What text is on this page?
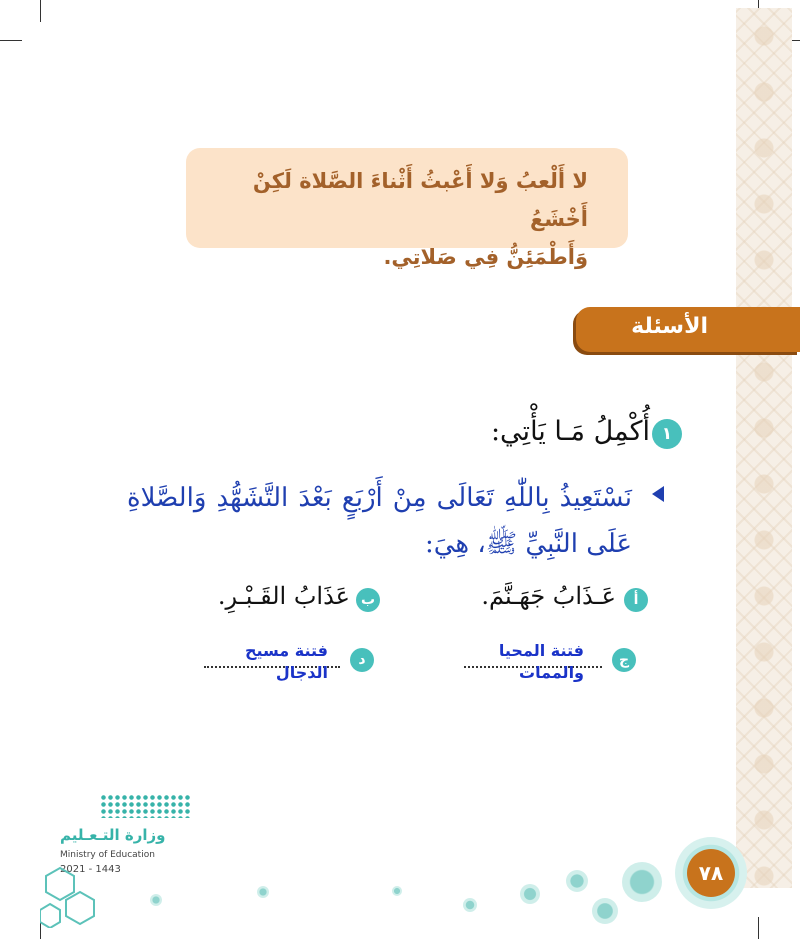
لا أَلْعبُ وَلا أَعْبثُ أَثْناءَ الصَّلاة لَكِنْ أَخْشَعُ
وَأَطْمَئِنُّ فِي صَلاتِي.
الأسئلة
١
أُكْمِلُ مَـا يَأْتِي:
نَسْتَعِيذُ بِاللّٰهِ تَعَالَى مِنْ أَرْبَعٍ بَعْدَ التَّشَهُّدِ وَالصَّلاةِ عَلَى النَّبِيِّ ﷺ، هِيَ:
أ
عَـذَابُ جَهَـنَّمَ.
ب
عَذَابُ القَـبْـرِ.
ج
فتنة المحيا
والممات
د
فتنة مسيح
الدجال
وزارة التـعـليم
Ministry of Education
2021 - 1443	٧٨
